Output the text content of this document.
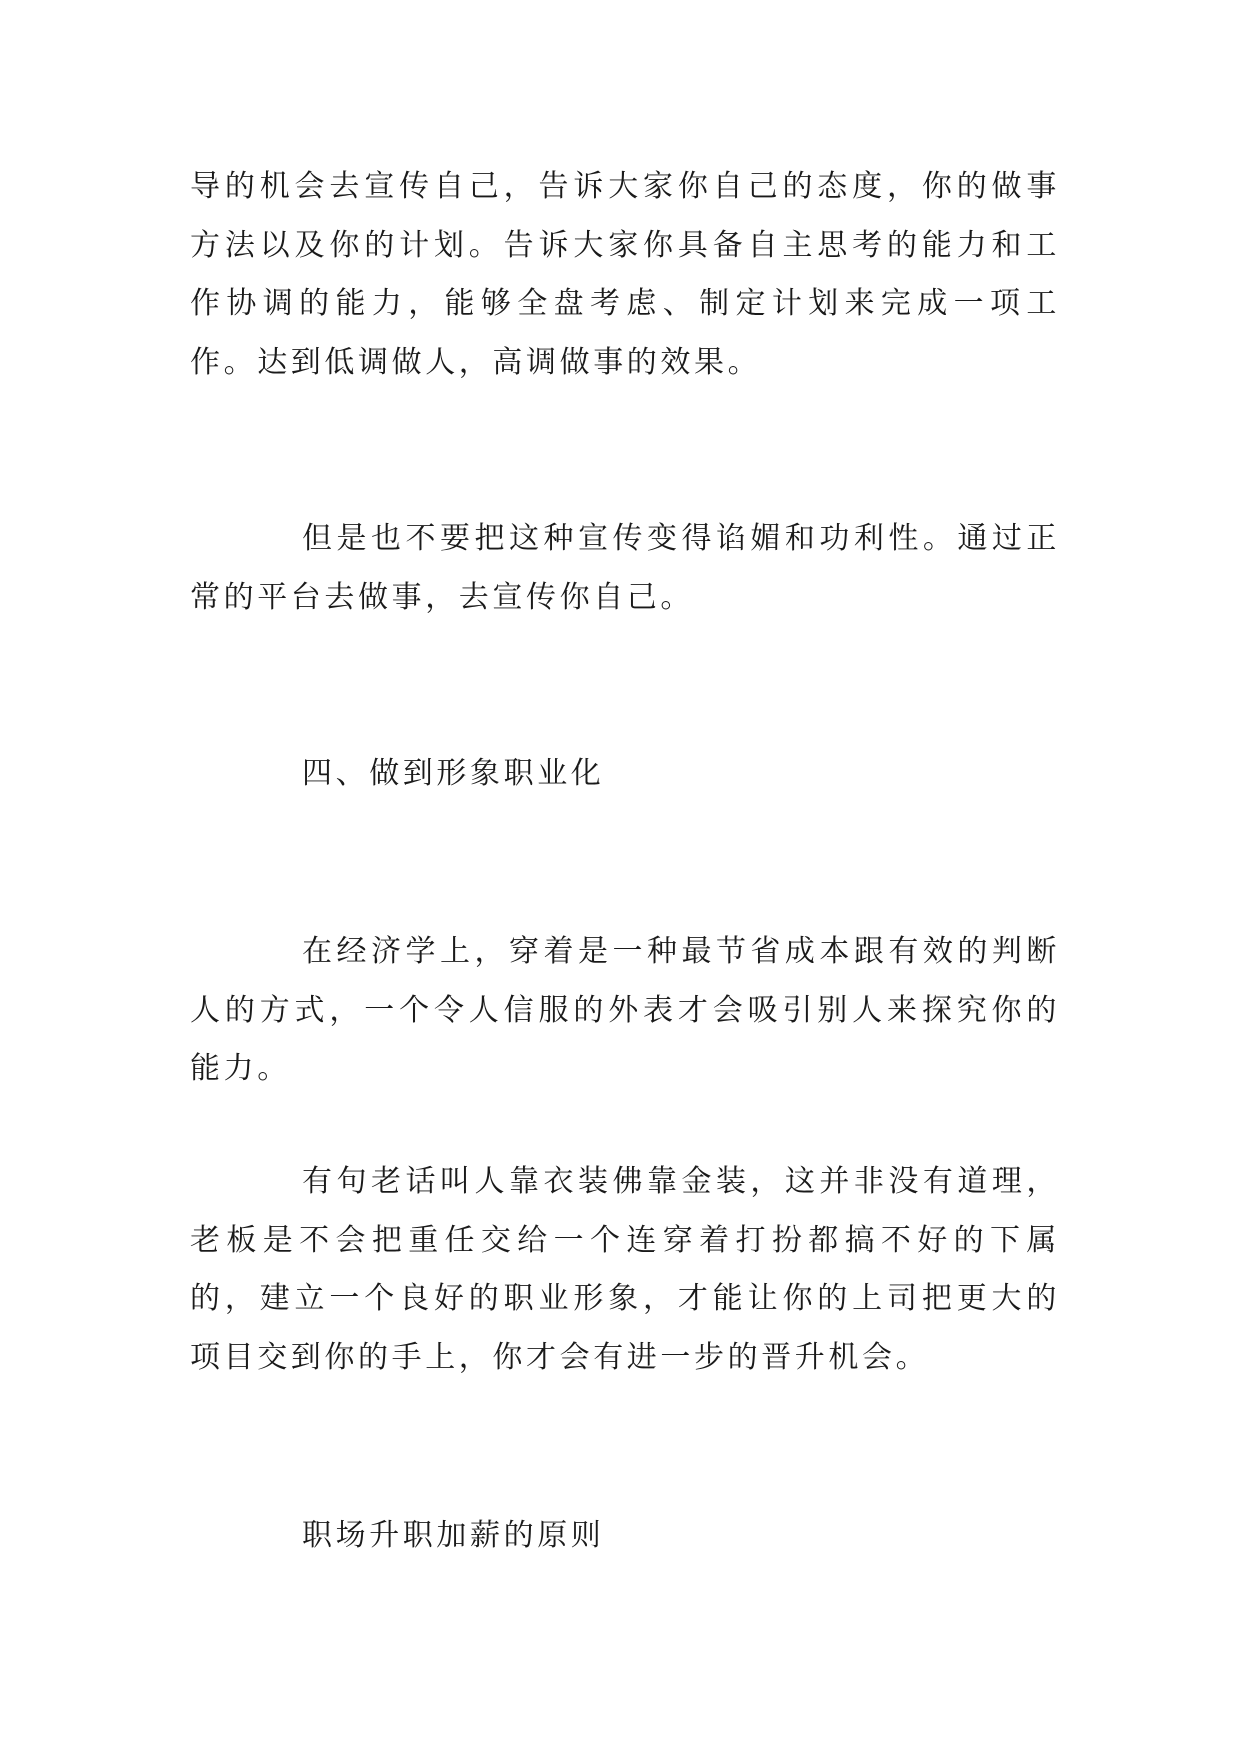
导的机会去宣传自己，告诉大家你自己的态度，你的做事方法以及你的计划。告诉大家你具备自主思考的能力和工作协调的能力，能够全盘考虑、制定计划来完成一项工作。达到低调做人，高调做事的效果。

但是也不要把这种宣传变得谄媚和功利性。通过正常的平台去做事，去宣传你自己。

四、做到形象职业化

在经济学上，穿着是一种最节省成本跟有效的判断人的方式，一个令人信服的外表才会吸引别人来探究你的能力。

有句老话叫人靠衣装佛靠金装，这并非没有道理，老板是不会把重任交给一个连穿着打扮都搞不好的下属的，建立一个良好的职业形象，才能让你的上司把更大的项目交到你的手上，你才会有进一步的晋升机会。

职场升职加薪的原则
